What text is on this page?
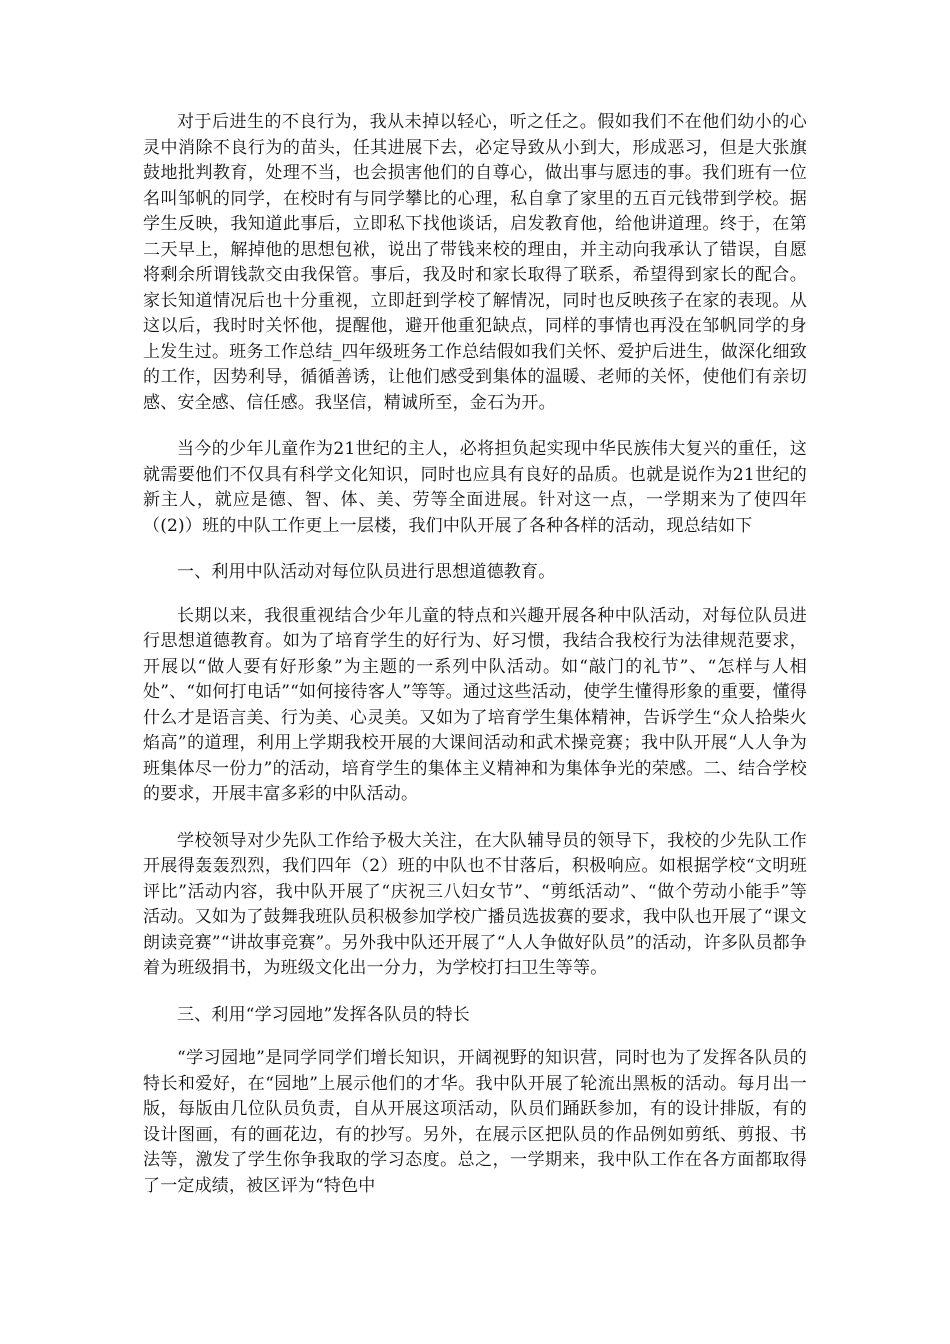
对于后进生的不良行为，我从未掉以轻心，听之任之。假如我们不在他们幼小的心灵中消除不良行为的苗头，任其进展下去，必定导致从小到大，形成恶习，但是大张旗鼓地批判教育，处理不当，也会损害他们的自尊心，做出事与愿违的事。我们班有一位名叫邹帆的同学，在校时有与同学攀比的心理，私自拿了家里的五百元钱带到学校。据学生反映，我知道此事后，立即私下找他谈话，启发教育他，给他讲道理。终于，在第二天早上，解掉他的思想包袱，说出了带钱来校的理由，并主动向我承认了错误，自愿将剩余所谓钱款交由我保管。事后，我及时和家长取得了联系，希望得到家长的配合。家长知道情况后也十分重视，立即赶到学校了解情况，同时也反映孩子在家的表现。从这以后，我时时关怀他，提醒他，避开他重犯缺点，同样的事情也再没在邹帆同学的身上发生过。班务工作总结_四年级班务工作总结假如我们关怀、爱护后进生，做深化细致的工作，因势利导，循循善诱，让他们感受到集体的温暖、老师的关怀，使他们有亲切感、安全感、信任感。我坚信，精诚所至，金石为开。

当今的少年儿童作为21世纪的主人，必将担负起实现中华民族伟大复兴的重任，这就需要他们不仅具有科学文化知识，同时也应具有良好的品质。也就是说作为21世纪的新主人，就应是德、智、体、美、劳等全面进展。针对这一点，一学期来为了使四年（(2)）班的中队工作更上一层楼，我们中队开展了各种各样的活动，现总结如下

一、利用中队活动对每位队员进行思想道德教育。

长期以来，我很重视结合少年儿童的特点和兴趣开展各种中队活动，对每位队员进行思想道德教育。如为了培育学生的好行为、好习惯，我结合我校行为法律规范要求，开展以“做人要有好形象”为主题的一系列中队活动。如“敲门的礼节”、“怎样与人相处”、“如何打电话”“如何接待客人”等等。通过这些活动，使学生懂得形象的重要，懂得什么才是语言美、行为美、心灵美。又如为了培育学生集体精神，告诉学生“众人拾柴火焰高”的道理，利用上学期我校开展的大课间活动和武术操竞赛；我中队开展“人人争为班集体尽一份力”的活动，培育学生的集体主义精神和为集体争光的荣感。二、结合学校的要求，开展丰富多彩的中队活动。

学校领导对少先队工作给予极大关注，在大队辅导员的领导下，我校的少先队工作开展得轰轰烈烈，我们四年（2）班的中队也不甘落后，积极响应。如根据学校“文明班评比”活动内容，我中队开展了“庆祝三八妇女节”、“剪纸活动”、“做个劳动小能手”等活动。又如为了鼓舞我班队员积极参加学校广播员选拔赛的要求，我中队也开展了“课文朗读竞赛”“讲故事竞赛”。另外我中队还开展了“人人争做好队员”的活动，许多队员都争着为班级捐书，为班级文化出一分力，为学校打扫卫生等等。

三、利用“学习园地”发挥各队员的特长

“学习园地”是同学同学们增长知识，开阔视野的知识营，同时也为了发挥各队员的特长和爱好，在“园地”上展示他们的才华。我中队开展了轮流出黑板的活动。每月出一版，每版由几位队员负责，自从开展这项活动，队员们踊跃参加，有的设计排版，有的设计图画，有的画花边，有的抄写。另外，在展示区把队员的作品例如剪纸、剪报、书法等，激发了学生你争我取的学习态度。总之，一学期来，我中队工作在各方面都取得了一定成绩，被区评为“特色中
